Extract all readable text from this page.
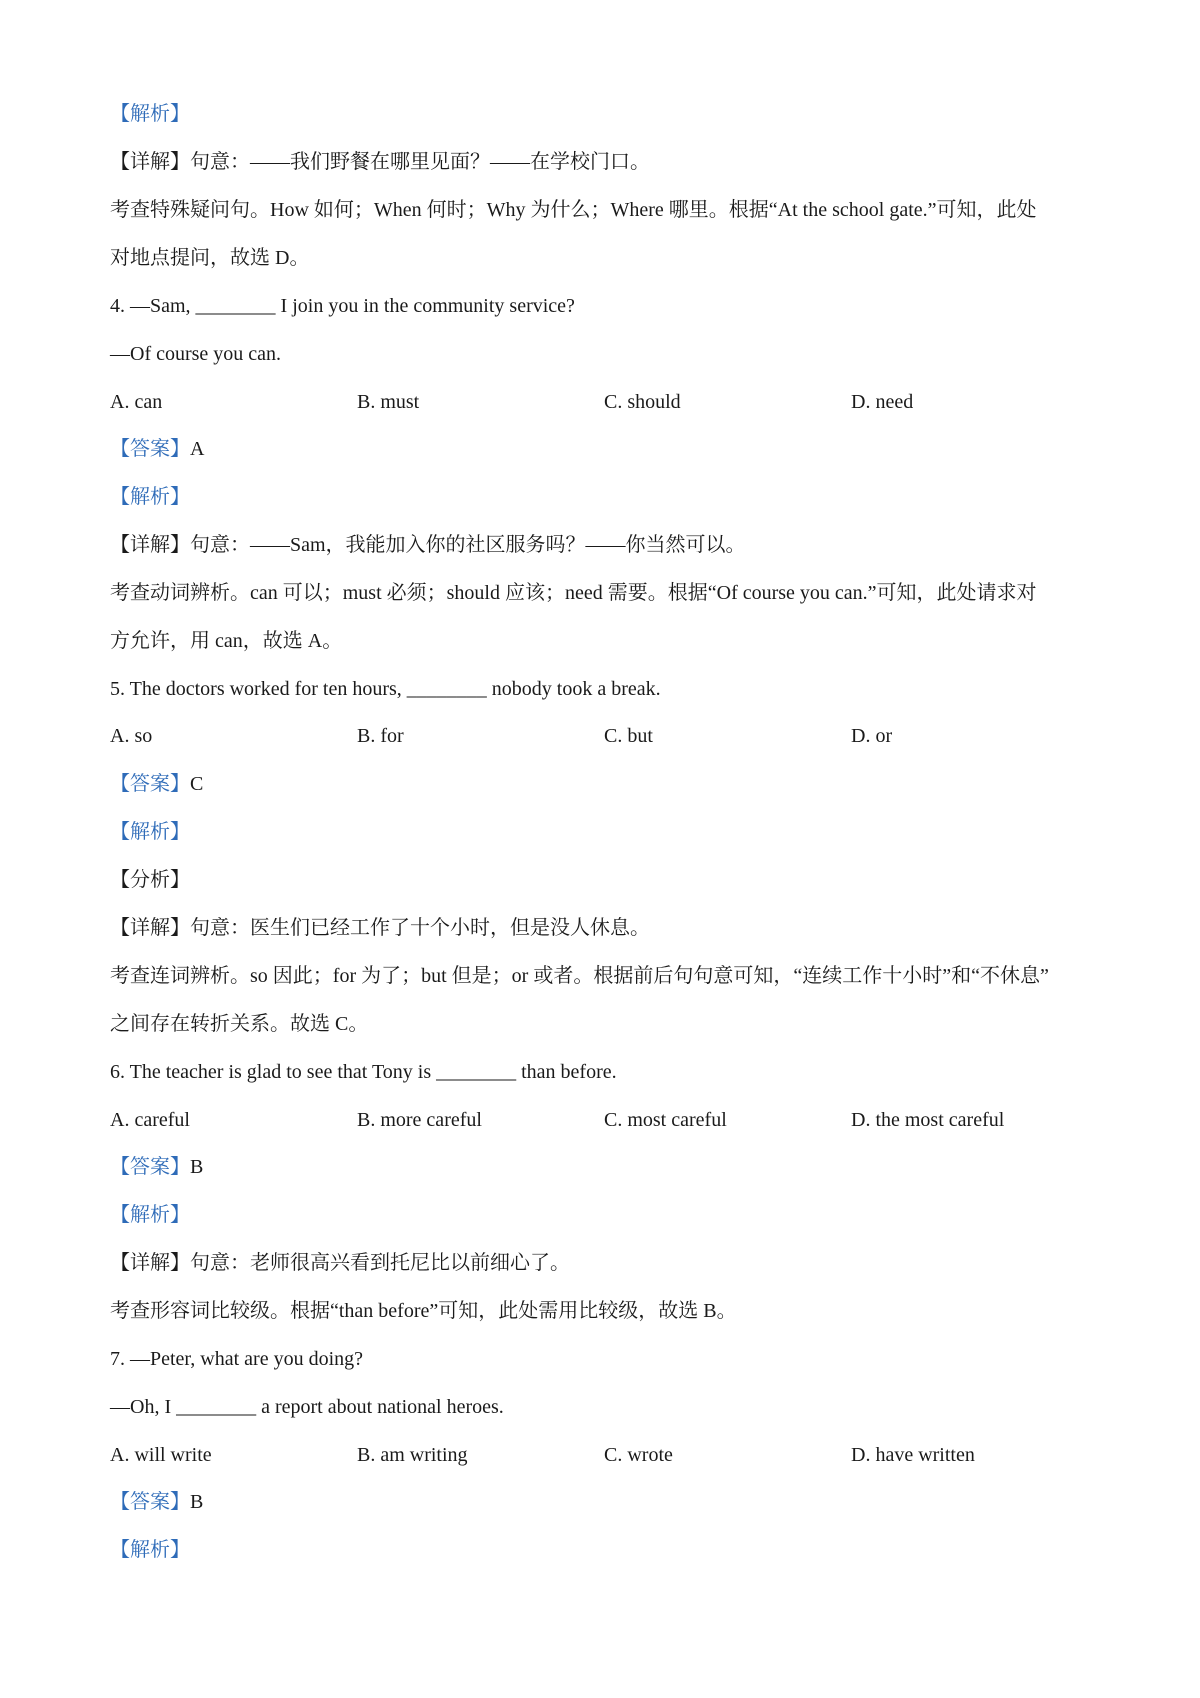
【解析】
【详解】句意：——我们野餐在哪里见面？——在学校门口。
考查特殊疑问句。How 如何；When 何时；Why 为什么；Where 哪里。根据“At the school gate.”可知，此处
对地点提问，故选 D。
4. —Sam, ________ I join you in the community service?
—Of course you can.
A. can	B. must	C. should	D. need
【答案】A
【解析】
【详解】句意：——Sam，我能加入你的社区服务吗？——你当然可以。
考查动词辨析。can 可以；must 必须；should 应该；need 需要。根据“Of course you can.”可知，此处请求对
方允许，用 can，故选 A。
5. The doctors worked for ten hours, ________ nobody took a break.
A. so	B. for	C. but	D. or
【答案】C
【解析】
【分析】
【详解】句意：医生们已经工作了十个小时，但是没人休息。
考查连词辨析。so 因此；for 为了；but 但是；or 或者。根据前后句句意可知，“连续工作十小时”和“不休息”
之间存在转折关系。故选 C。
6. The teacher is glad to see that Tony is ________ than before.
A. careful	B. more careful	C. most careful	D. the most careful
【答案】B
【解析】
【详解】句意：老师很高兴看到托尼比以前细心了。
考查形容词比较级。根据“than before”可知，此处需用比较级，故选 B。
7. —Peter, what are you doing?
—Oh, I ________ a report about national heroes.
A. will write	B. am writing	C. wrote	D. have written
【答案】B
【解析】
